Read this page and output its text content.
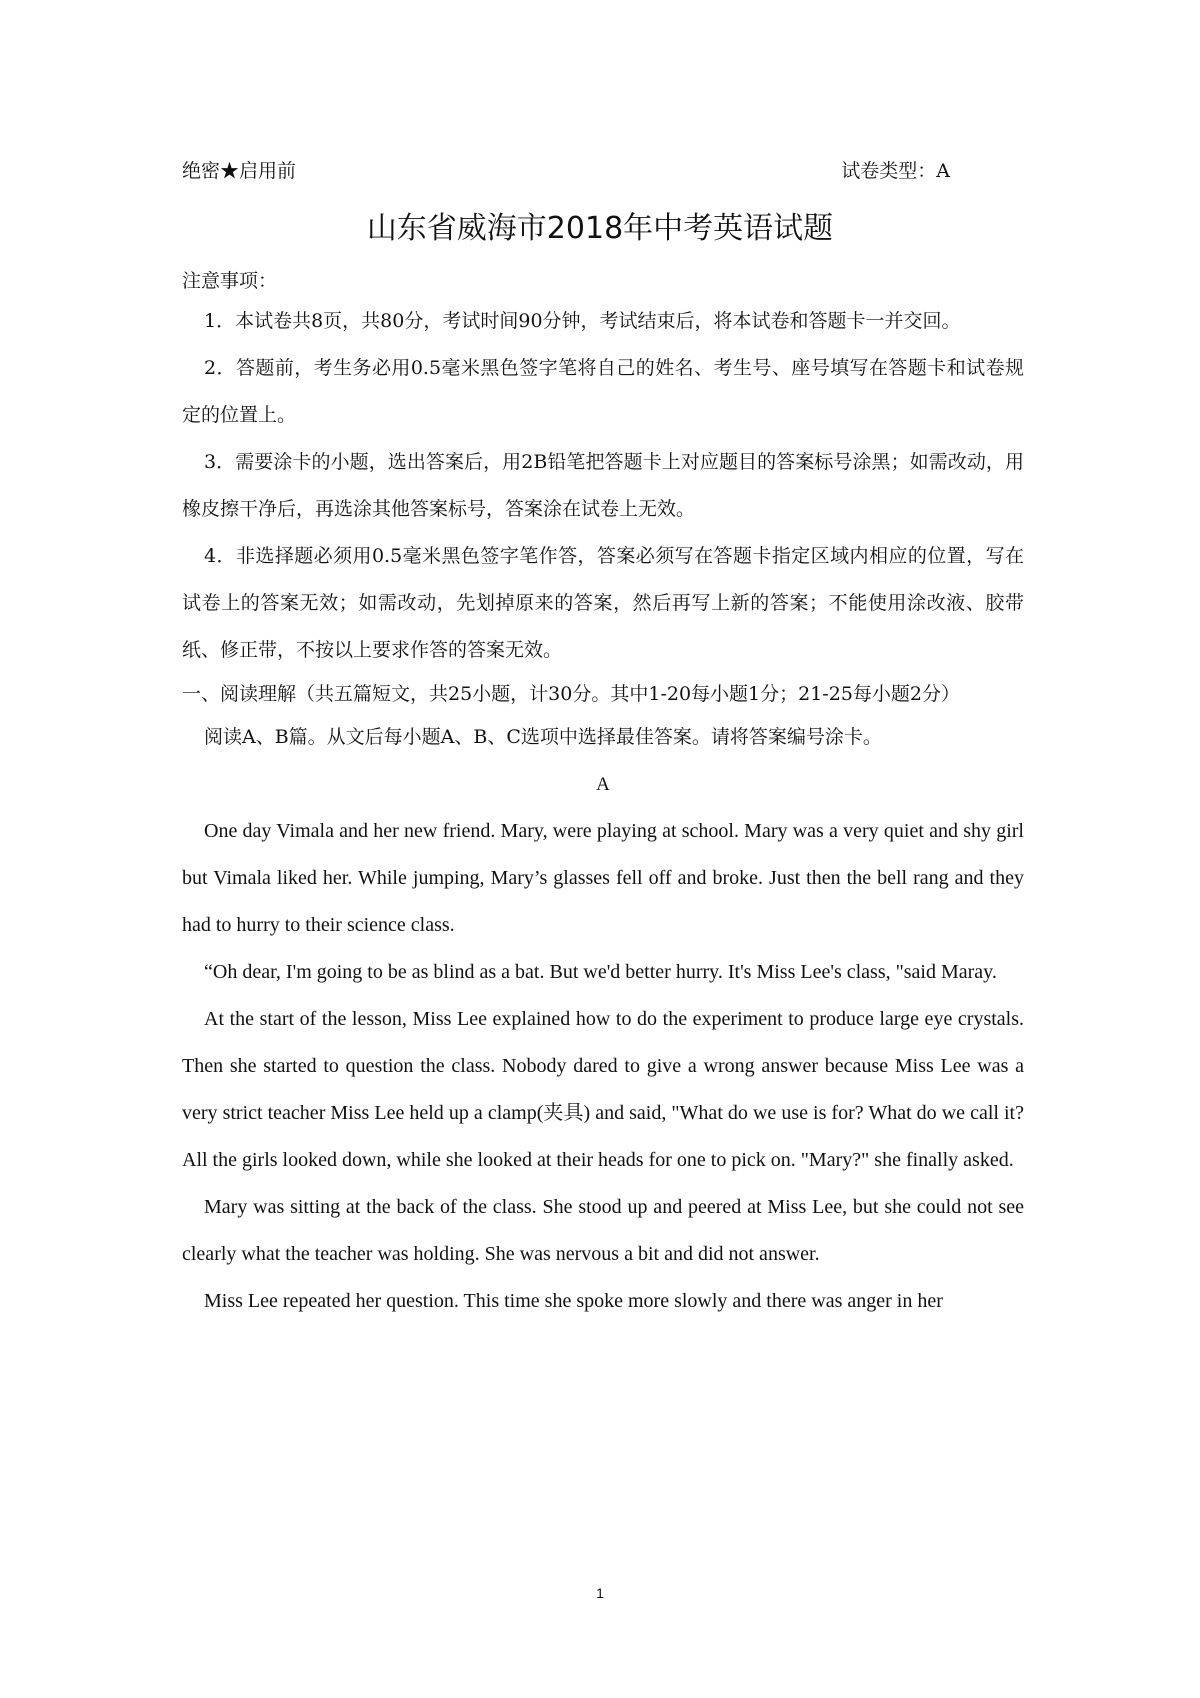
绝密★启用前	试卷类型：A
山东省威海市2018年中考英语试题

注意事项：

1．本试卷共8页，共80分，考试时间90分钟，考试结束后，将本试卷和答题卡一并交回。

2．答题前，考生务必用0.5毫米黑色签字笔将自己的姓名、考生号、座号填写在答题卡和试卷规定的位置上。

3．需要涂卡的小题，选出答案后，用2B铅笔把答题卡上对应题目的答案标号涂黑；如需改动，用橡皮擦干净后，再选涂其他答案标号，答案涂在试卷上无效。

4．非选择题必须用0.5毫米黑色签字笔作答，答案必须写在答题卡指定区域内相应的位置，写在试卷上的答案无效；如需改动，先划掉原来的答案，然后再写上新的答案；不能使用涂改液、胶带纸、修正带，不按以上要求作答的答案无效。

一、阅读理解（共五篇短文，共25小题，计30分。其中1-20每小题1分；21-25每小题2分）

阅读A、B篇。从文后每小题A、B、C选项中选择最佳答案。请将答案编号涂卡。

A

One day Vimala and her new friend. Mary, were playing at school. Mary was a very quiet and shy girl but Vimala liked her. While jumping, Mary’s glasses fell off and broke. Just then the bell rang and they had to hurry to their science class.

“Oh dear, I'm going to be as blind as a bat. But we'd better hurry. It's Miss Lee's class, "said Maray.

At the start of the lesson, Miss Lee explained how to do the experiment to produce large eye crystals. Then she started to question the class. Nobody dared to give a wrong answer because Miss Lee was a very strict teacher Miss Lee held up a clamp(夹具) and said, "What do we use is for? What do we call it? All the girls looked down, while she looked at their heads for one to pick on. "Mary?" she finally asked.

Mary was sitting at the back of the class. She stood up and peered at Miss Lee, but she could not see clearly what the teacher was holding. She was nervous a bit and did not answer.

Miss Lee repeated her question. This time she spoke more slowly and there was anger in her

1
